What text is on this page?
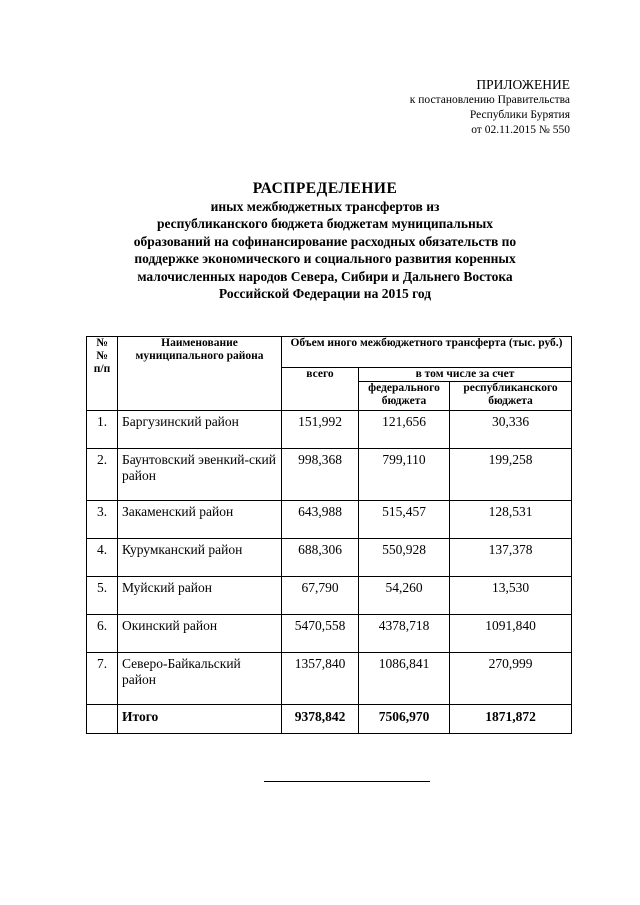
ПРИЛОЖЕНИЕ
к постановлению Правительства
Республики Бурятия
от 02.11.2015 № 550
РАСПРЕДЕЛЕНИЕ
иных межбюджетных трансфертов из
республиканского бюджета бюджетам муниципальных
образований на софинансирование расходных обязательств по
поддержке экономического и социального развития коренных
малочисленных народов Севера, Сибири и Дальнего Востока
Российской Федерации на 2015 год
№№ п/п	Наименование муниципального района	Объем иного межбюджетного трансферта (тыс. руб.)		
		всего	в том числе за счет	
			федерального бюджета	республиканского бюджета
1.	Баргузинский район	151,992	121,656	30,336
2.	Баунтовский эвенкий-ский район	998,368	799,110	199,258
3.	Закаменский район	643,988	515,457	128,531
4.	Курумканский район	688,306	550,928	137,378
5.	Муйский район	67,790	54,260	13,530
6.	Окинский район	5470,558	4378,718	1091,840
7.	Северо-Байкальский район	1357,840	1086,841	270,999
	Итого	9378,842	7506,970	1871,872
